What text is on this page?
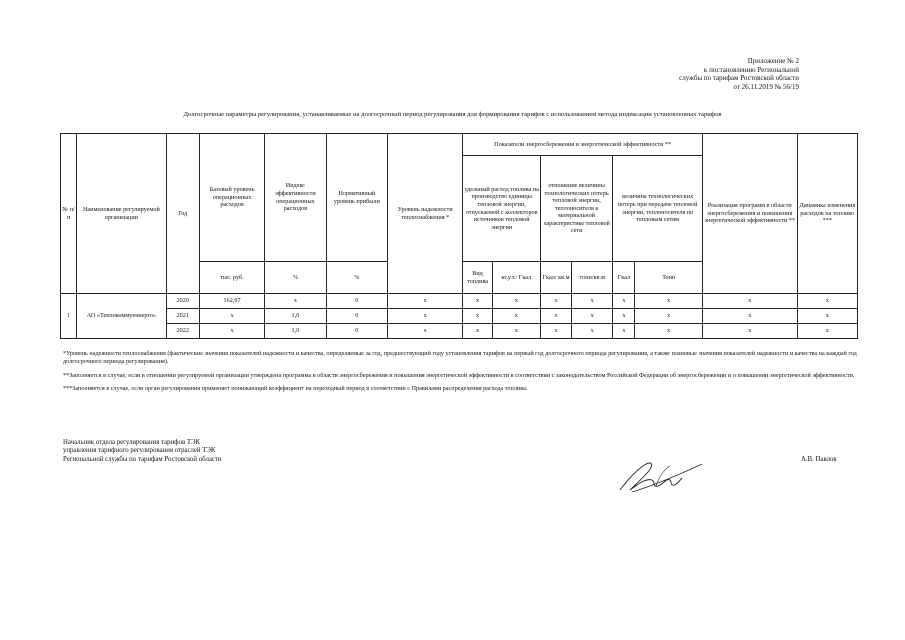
Приложение № 2
к постановлению Региональной
службы по тарифам Ростовской области
от 26.11.2019 № 56/19
Долгосрочные параметры регулирования, устанавливаемые на долгосрочный период регулирования для формирования тарифов с использованием метода индексации установленных тарифов
№ п/п	Наименование регулируемой организации	Год	Базовый уровень операционных расходов	Индекс эффективности операционных расходов	Нормативный уровень прибыли	Уровень надежности теплоснабжения *	Показатели энергосбережения и энергетической эффективности **						Реализация программ в области энергосбережения и повышения энергетической эффективности **	Динамика изменения расходов на топливо ***
							удельный расход топлива на производство единицы тепловой энергии, отпускаемой с коллекторов источников тепловой энергии		отношение величины технологических потерь тепловой энергии, теплоносителя к материальной характеристике тепловой сети		величина технологических потерь при передаче тепловой энергии, теплоносителя по тепловым сетям			
			тыс. руб.	%	%		Вид топлива	кг.у.т./ Гкал	Гкал/ кв.м	тонн/кв.м	Гкал	Тонн		
1	АО «Теплокоммунэнерго»	2020	162,97	х	0	х	х	х	х	х	х	х	х	х
		2021	х	1,0	0	х	х	х	х	х	х	х	х	х
		2022	х	1,0	0	х	х	х	х	х	х	х	х	х

*Уровень надежности теплоснабжения (фактические значения показателей надежности и качества, определяемые за год, предшествующий году установления тарифов на первый год долгосрочного периода регулирования, а также плановые значения показателей надежности и качества на каждый год долгосрочного периода регулирования).

**Заполняется в случае, если в отношении регулируемой организации утверждена программа в области энергосбережения и повышения энергетической эффективности в соответствии с законодательством Российской Федерации об энергосбережении и о повышении энергетической эффективности.

***Заполняется в случае, если орган регулирования применяет понижающий коэффициент на переходный период в соответствии с Правилами распределения расхода топлива.

Начальник отдела регулирования тарифов ТЭК
управления тарифного регулирования отраслей ТЭК
Региональной службы по тарифам Ростовской области	А.В. Павлов
